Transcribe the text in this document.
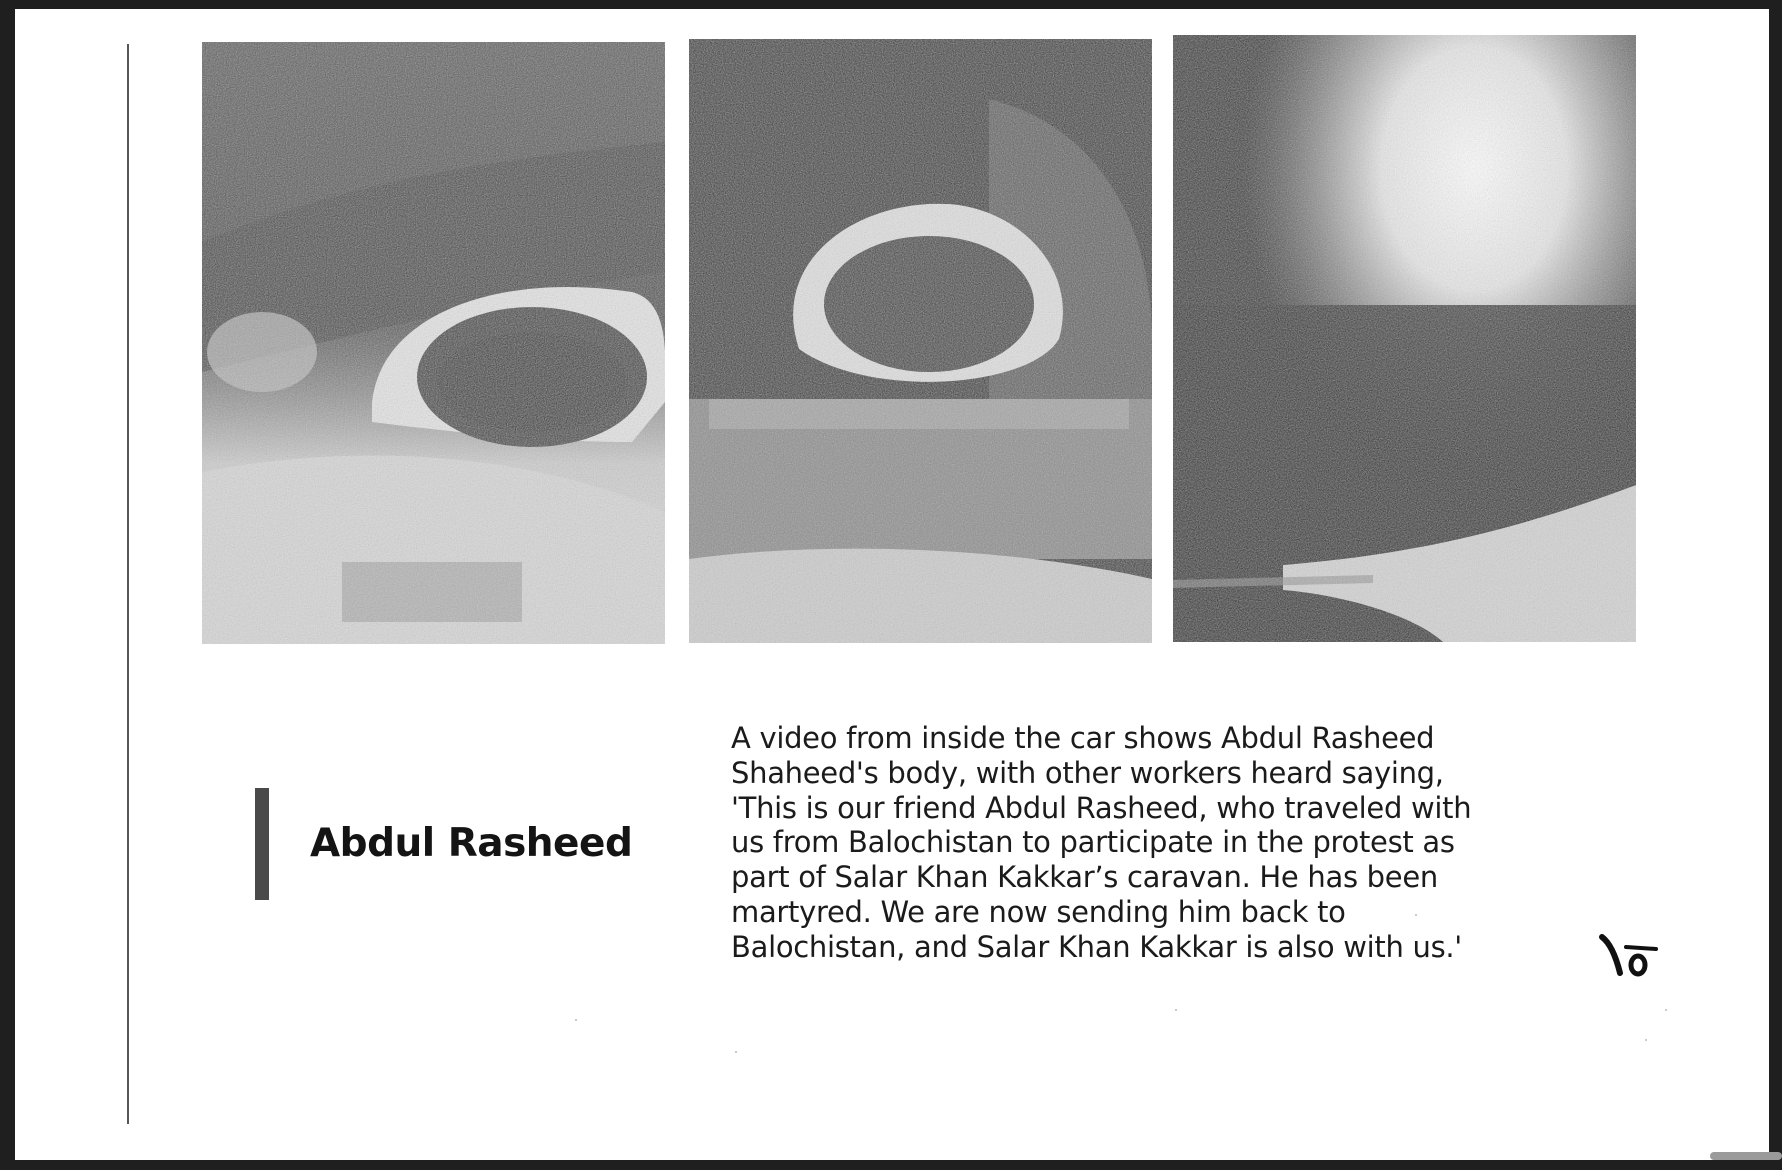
Abdul Rasheed
A video from inside the car shows Abdul Rasheed
Shaheed's body, with other workers heard saying,
'This is our friend Abdul Rasheed, who traveled with
us from Balochistan to participate in the protest as
part of Salar Khan Kakkar’s caravan. He has been
martyred. We are now sending him back to
Balochistan, and Salar Khan Kakkar is also with us.'
